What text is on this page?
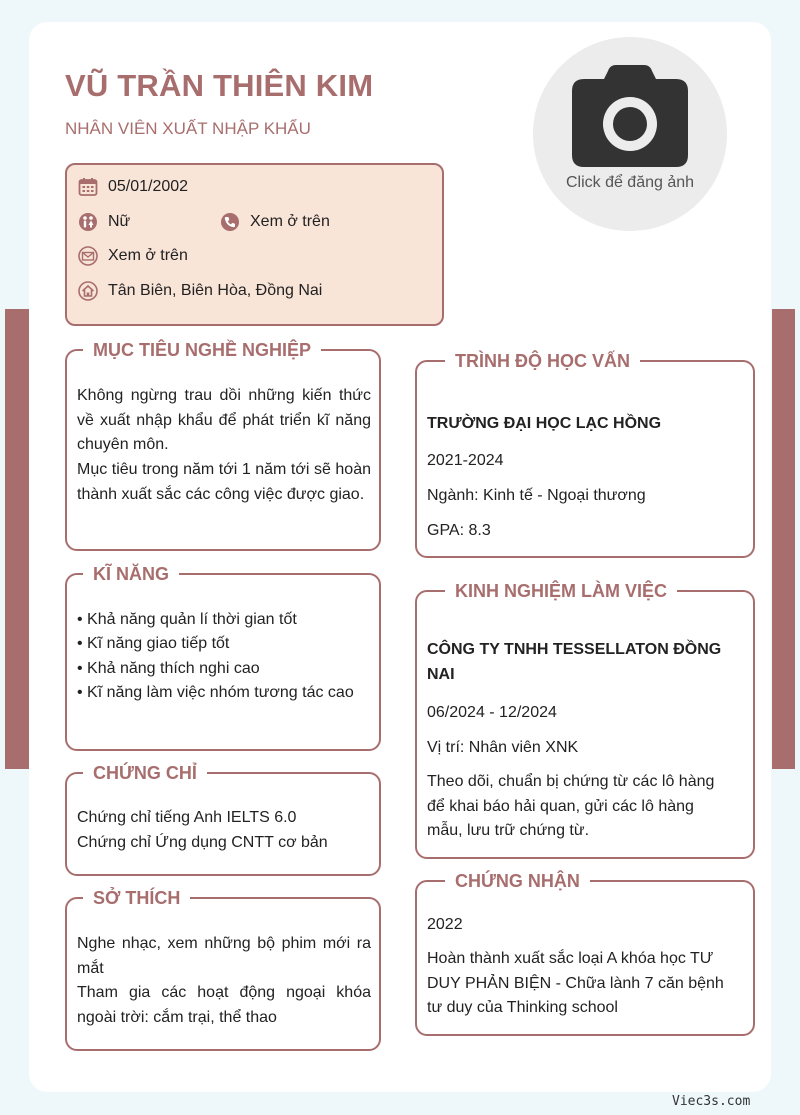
VŨ TRẦN THIÊN KIM
NHÂN VIÊN XUẤT NHẬP KHẨU
Click để đăng ảnh
05/01/2002
Nữ	Xem ở trên
Xem ở trên
Tân Biên, Biên Hòa, Đồng Nai
MỤC TIÊU NGHỀ NGHIỆP
Không ngừng trau dồi những kiến thức về xuất nhập khẩu để phát triển kĩ năng chuyên môn.
Mục tiêu trong năm tới 1 năm tới sẽ hoàn thành xuất sắc các công việc được giao.
KĨ NĂNG
• Khả năng quản lí thời gian tốt
• Kĩ năng giao tiếp tốt
• Khả năng thích nghi cao
• Kĩ năng làm việc nhóm tương tác cao
CHỨNG CHỈ
Chứng chỉ tiếng Anh IELTS 6.0
Chứng chỉ Ứng dụng CNTT cơ bản
SỞ THÍCH
Nghe nhạc, xem những bộ phim mới ra mắt
Tham gia các hoạt động ngoại khóa ngoài trời: cắm trại, thể thao
TRÌNH ĐỘ HỌC VẤN
TRƯỜNG ĐẠI HỌC LẠC HỒNG
2021-2024
Ngành: Kinh tế - Ngoại thương
GPA: 8.3
KINH NGHIỆM LÀM VIỆC
CÔNG TY TNHH TESSELLATON ĐỒNG NAI
06/2024 - 12/2024
Vị trí: Nhân viên XNK
Theo dõi, chuẩn bị chứng từ các lô hàng để khai báo hải quan, gửi các lô hàng mẫu, lưu trữ chứng từ.
CHỨNG NHẬN
2022
Hoàn thành xuất sắc loại A khóa học TƯ DUY PHẢN BIỆN - Chữa lành 7 căn bệnh tư duy của Thinking school
Viec3s.com
